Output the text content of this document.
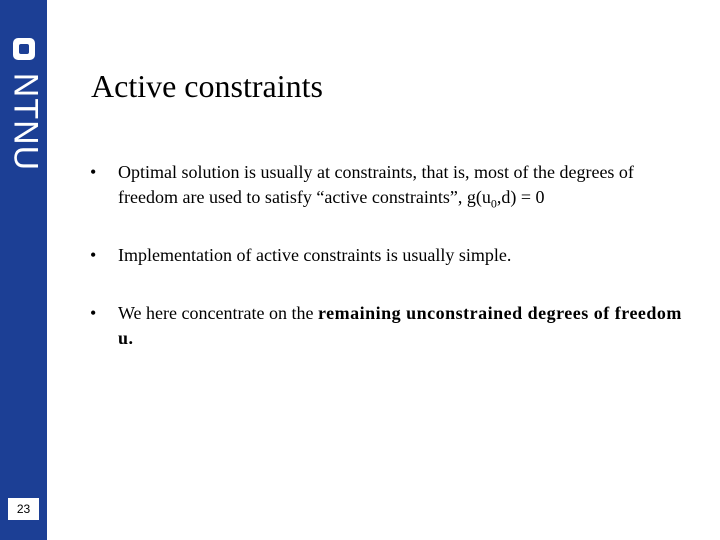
NTNU
23
Active constraints
• Optimal solution is usually at constraints, that is, most of the degrees of freedom are used to satisfy “active constraints”, $g(u_0,d) = 0$
• Implementation of active constraints is usually simple.
• We here concentrate on the remaining unconstrained degrees of freedom u.
